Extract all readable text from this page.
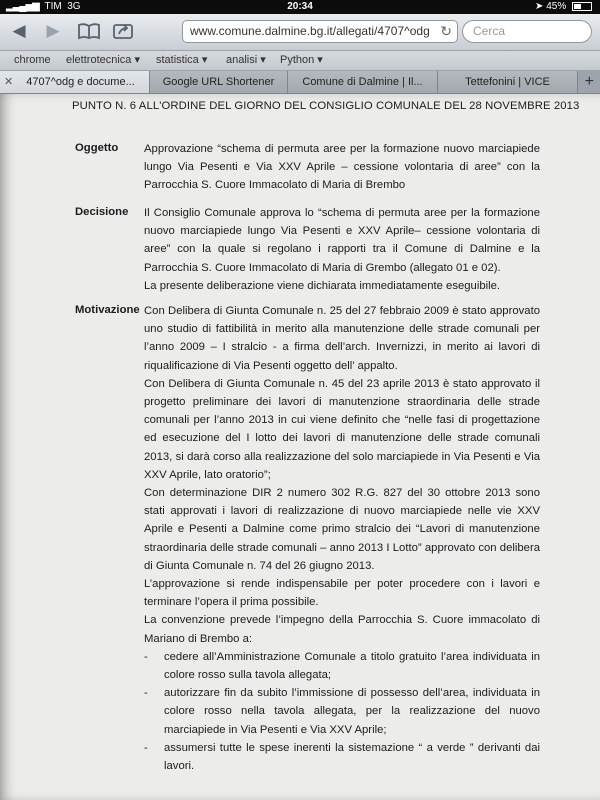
▂▃▄▅▆ TIM 3G	20:34	➤ 45%
◀ ▶	www.comune.dalmine.bg.it/allegati/4707^odg ↻	Cerca
chrome elettrotecnica ▾ statistica ▾ analisi ▾ Python ▾
✕ 4707^odg e docume...	Google URL Shortener	Comune di Dalmine | Il...	Tettefonini | VICE	+
PUNTO N. 6 ALL'ORDINE DEL GIORNO DEL CONSIGLIO COMUNALE DEL 28 NOVEMBRE 2013
Oggetto Approvazione “schema di permuta aree per la formazione nuovo marciapiede lungo Via Pesenti e Via XXV Aprile – cessione volontaria di aree” con la Parrocchia S. Cuore Immacolato di Maria di Brembo

Decisione Il Consiglio Comunale approva lo “schema di permuta aree per la formazione nuovo marciapiede lungo Via Pesenti e XXV Aprile– cessione volontaria di aree” con la quale si regolano i rapporti tra il Comune di Dalmine e la Parrocchia S. Cuore Immacolato di Maria di Grembo (allegato 01 e 02).

La presente deliberazione viene dichiarata immediatamente eseguibile.

Motivazione Con Delibera di Giunta Comunale n. 25 del 27 febbraio 2009 è stato approvato uno studio di fattibilità in merito alla manutenzione delle strade comunali per l’anno 2009 – I stralcio - a firma dell’arch. Invernizzi, in merito ai lavori di riqualificazione di Via Pesenti oggetto dell’ appalto.

Con Delibera di Giunta Comunale n. 45 del 23 aprile 2013 è stato approvato il progetto preliminare dei lavori di manutenzione straordinaria delle strade comunali per l’anno 2013 in cui viene definito che “nelle fasi di progettazione ed esecuzione del I lotto dei lavori di manutenzione delle strade comunali 2013, si darà corso alla realizzazione del solo marciapiede in Via Pesenti e Via XXV Aprile, lato oratorio”;

Con determinazione DIR 2 numero 302 R.G. 827 del 30 ottobre 2013 sono stati approvati i lavori di realizzazione di nuovo marciapiede nelle vie XXV Aprile e Pesenti a Dalmine come primo stralcio dei “Lavori di manutenzione straordinaria delle strade comunali – anno 2013 I Lotto” approvato con delibera di Giunta Comunale n. 74 del 26 giugno 2013.

L’approvazione si rende indispensabile per poter procedere con i lavori e terminare l’opera il prima possibile.

La convenzione prevede l’impegno della Parrocchia S. Cuore immacolato di Mariano di Brembo a:

- cedere all’Amministrazione Comunale a titolo gratuito l’area individuata in colore rosso sulla tavola allegata;
- autorizzare fin da subito l’immissione di possesso dell’area, individuata in colore rosso nella tavola allegata, per la realizzazione del nuovo marciapiede in Via Pesenti e Via XXV Aprile;
- assumersi tutte le spese inerenti la sistemazione “ a verde ” derivanti dai lavori.
